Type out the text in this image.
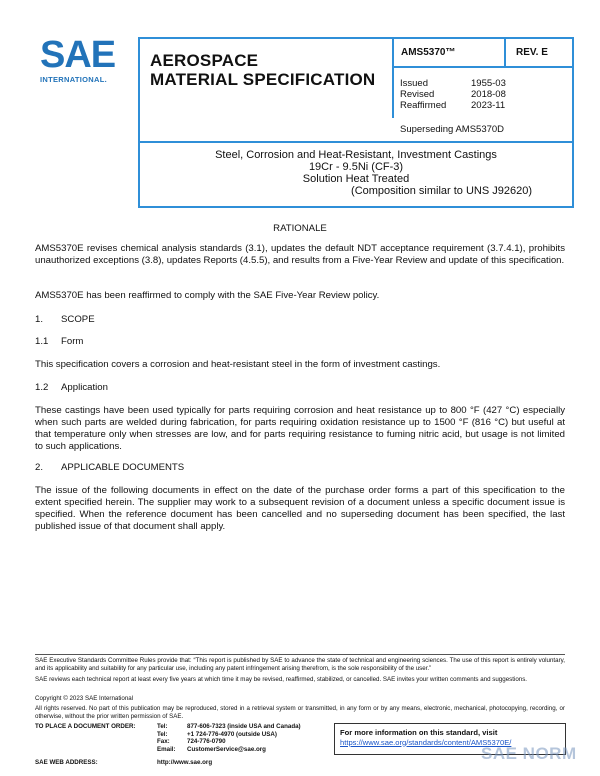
SAE
INTERNATIONAL.
AEROSPACE
MATERIAL SPECIFICATION
AMS5370™	REV. E
Issued	1955-03
Revised	2018-08
Reaffirmed	2023-11
Superseding AMS5370D
Steel, Corrosion and Heat-Resistant, Investment Castings
19Cr - 9.5Ni (CF-3)
Solution Heat Treated
(Composition similar to UNS J92620)
RATIONALE
AMS5370E revises chemical analysis standards (3.1), updates the default NDT acceptance requirement (3.7.4.1), prohibits unauthorized exceptions (3.8), updates Reports (4.5.5), and results from a Five-Year Review and update of this specification.
AMS5370E has been reaffirmed to comply with the SAE Five-Year Review policy.
1.	SCOPE
1.1	Form
This specification covers a corrosion and heat-resistant steel in the form of investment castings.
1.2	Application
These castings have been used typically for parts requiring corrosion and heat resistance up to 800 °F (427 °C) especially when such parts are welded during fabrication, for parts requiring oxidation resistance up to 1500 °F (816 °C) but useful at that temperature only when stresses are low, and for parts requiring resistance to fuming nitric acid, but usage is not limited to such applications.
2.	APPLICABLE DOCUMENTS
The issue of the following documents in effect on the date of the purchase order forms a part of this specification to the extent specified herein. The supplier may work to a subsequent revision of a document unless a specific document issue is specified. When the reference document has been cancelled and no superseding document has been specified, the last published issue of that document shall apply.
SAE Executive Standards Committee Rules provide that: “This report is published by SAE to advance the state of technical and engineering sciences. The use of this report is entirely voluntary, and its applicability and suitability for any particular use, including any patent infringement arising therefrom, is the sole responsibility of the user.”
SAE reviews each technical report at least every five years at which time it may be revised, reaffirmed, stabilized, or cancelled. SAE invites your written comments and suggestions.
Copyright © 2023 SAE International
All rights reserved. No part of this publication may be reproduced, stored in a retrieval system or transmitted, in any form or by any means, electronic, mechanical, photocopying, recording, or otherwise, without the prior written permission of SAE.
TO PLACE A DOCUMENT ORDER:	Tel:	877-606-7323 (inside USA and Canada)
Tel:	+1 724-776-4970 (outside USA)
Fax:	724-776-0790
Email:	CustomerService@sae.org
SAE WEB ADDRESS:	http://www.sae.org
For more information on this standard, visit
https://www.sae.org/standards/content/AMS5370E/
SAE NORM
